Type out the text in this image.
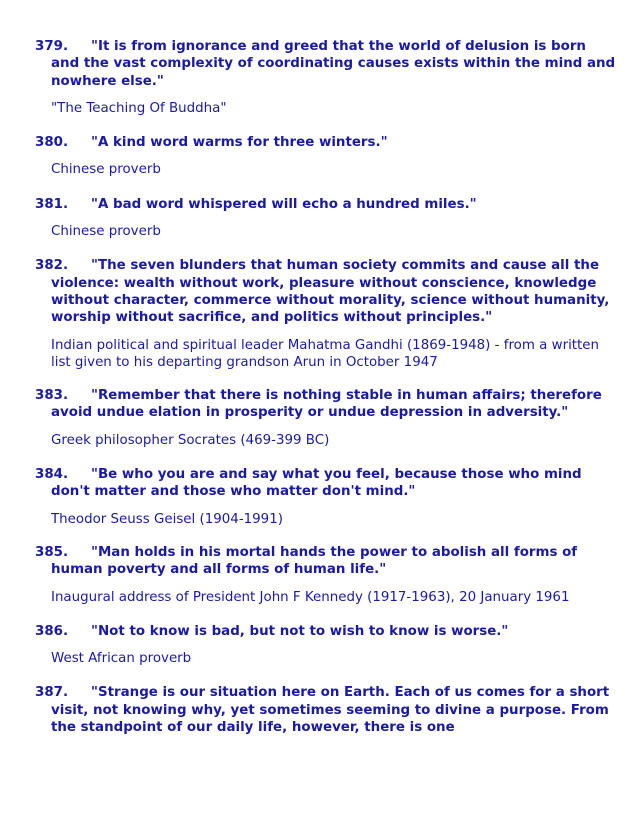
379. "It is from ignorance and greed that the world of delusion is born and the vast complexity of coordinating causes exists within the mind and nowhere else."

"The Teaching Of Buddha"

380. "A kind word warms for three winters."

Chinese proverb

381. "A bad word whispered will echo a hundred miles."

Chinese proverb

382. "The seven blunders that human society commits and cause all the violence: wealth without work, pleasure without conscience, knowledge without character, commerce without morality, science without humanity, worship without sacrifice, and politics without principles."

Indian political and spiritual leader Mahatma Gandhi (1869-1948) - from a written list given to his departing grandson Arun in October 1947

383. "Remember that there is nothing stable in human affairs; therefore avoid undue elation in prosperity or undue depression in adversity."

Greek philosopher Socrates (469-399 BC)

384. "Be who you are and say what you feel, because those who mind don't matter and those who matter don't mind."

Theodor Seuss Geisel (1904-1991)

385. "Man holds in his mortal hands the power to abolish all forms of human poverty and all forms of human life."

Inaugural address of President John F Kennedy (1917-1963), 20 January 1961

386. "Not to know is bad, but not to wish to know is worse."

West African proverb

387. "Strange is our situation here on Earth. Each of us comes for a short visit, not knowing why, yet sometimes seeming to divine a purpose. From the standpoint of our daily life, however, there is one
